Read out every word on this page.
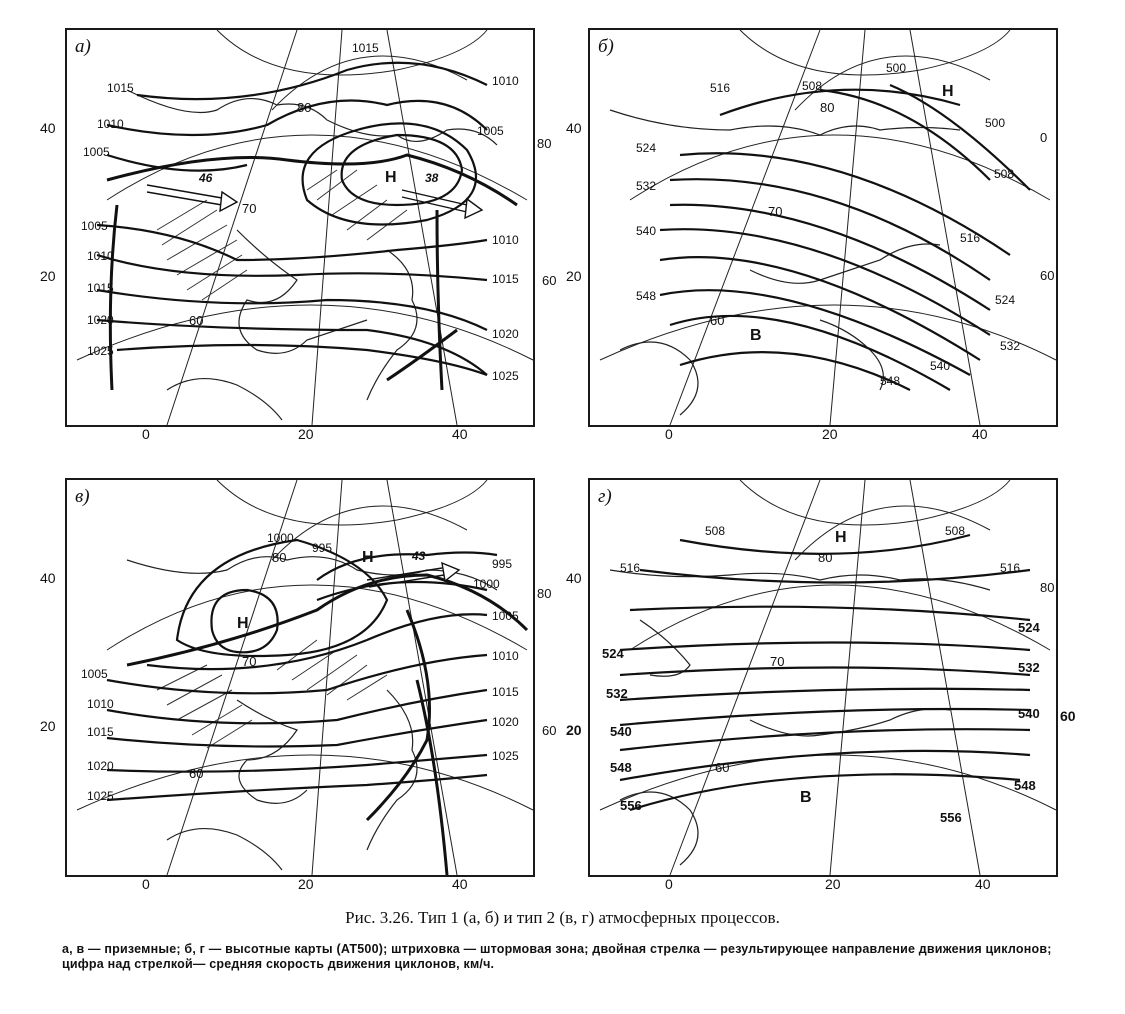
1015
1015
1010
1010
1005
1005
1005
1010
1010
1015
1015
1020
1020
1025
1025
80
70
60
80
60
Н
46	38
а)
40
20
0	20	40
516	508
500
500
508
524
532
540
548
516
524
532
540
548
80
70
60
0
60
Н
В
б)
40
20
0	20	40
1000
995
995
1000
1005
1005
1010
1010
1015
1015
1020
1020
1025
1025
80
70
60
80
60
Н
Н	43
в)
40
20
0	20	40
508	508
516	516
524
524
532
532
540
540
548
548
556
556
80
70
60
80
Н
В
г)
40
20
60
0	20	40
Рис. 3.26. Тип 1 (а, б) и тип 2 (в, г) атмосферных процессов.
а, в — приземные; б, г — высотные карты (АТ500); штриховка — штормовая зона; двойная стрелка — результирующее направление движения циклонов; цифра над стрелкой— средняя скорость движения циклонов, км/ч.
